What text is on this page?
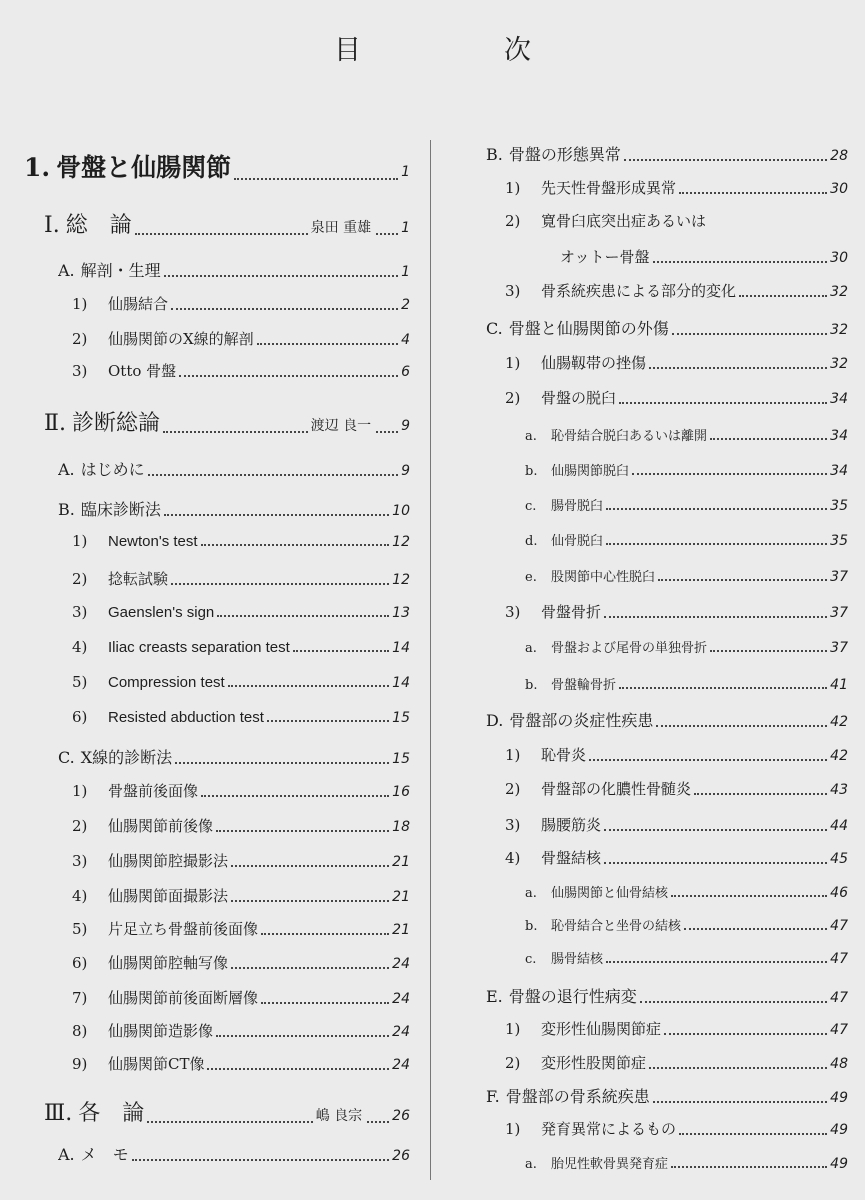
目　次
1. 骨盤と仙腸関節	1
Ⅰ. 総　論	泉田 重雄 1
A. 解剖・生理	1
1)	仙腸結合	2
2)	仙腸関節のX線的解剖	4
3)	Otto 骨盤	6
Ⅱ. 診断総論	渡辺 良一 9
A. はじめに	9
B. 臨床診断法	10
1)	Newton's test	12
2)	捻転試験	12
3)	Gaenslen's sign	13
4)	Iliac creasts separation test	14
5)	Compression test	14
6)	Resisted abduction test	15
C. X線的診断法	15
1)	骨盤前後面像	16
2)	仙腸関節前後像	18
3)	仙腸関節腔撮影法	21
4)	仙腸関節面撮影法	21
5)	片足立ち骨盤前後面像	21
6)	仙腸関節腔軸写像	24
7)	仙腸関節前後面断層像	24
8)	仙腸関節造影像	24
9)	仙腸関節CT像	24
Ⅲ. 各　論	嶋 良宗 26
A. メ　モ	26
B. 骨盤の形態異常	28
1)	先天性骨盤形成異常	30
2)	寛骨臼底突出症あるいは
オットー骨盤	30
3)	骨系統疾患による部分的変化	32
C. 骨盤と仙腸関節の外傷	32
1)	仙腸靱帯の挫傷	32
2)	骨盤の脱臼	34
a.	恥骨結合脱臼あるいは離開	34
b.	仙腸関節脱臼	34
c.	腸骨脱臼	35
d.	仙骨脱臼	35
e.	股関節中心性脱臼	37
3)	骨盤骨折	37
a.	骨盤および尾骨の単独骨折	37
b.	骨盤輪骨折	41
D. 骨盤部の炎症性疾患	42
1)	恥骨炎	42
2)	骨盤部の化膿性骨髄炎	43
3)	腸腰筋炎	44
4)	骨盤結核	45
a.	仙腸関節と仙骨結核	46
b.	恥骨結合と坐骨の結核	47
c.	腸骨結核	47
E. 骨盤の退行性病変	47
1)	変形性仙腸関節症	47
2)	変形性股関節症	48
F. 骨盤部の骨系統疾患	49
1)	発育異常によるもの	49
a.	胎児性軟骨異発育症	49
